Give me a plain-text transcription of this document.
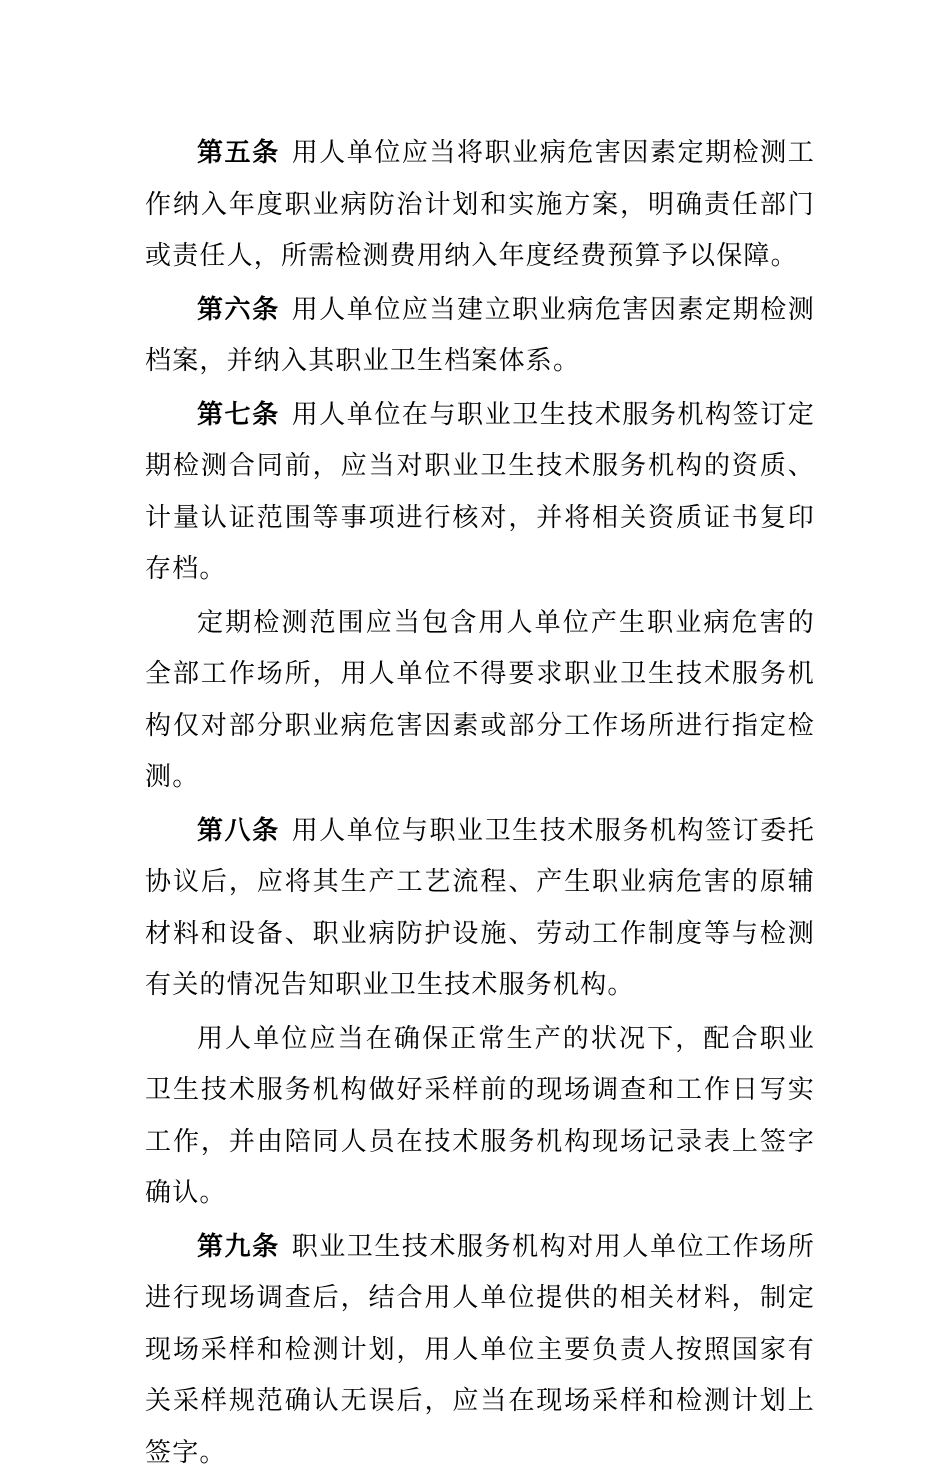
第五条 用人单位应当将职业病危害因素定期检测工作纳入年度职业病防治计划和实施方案，明确责任部门或责任人，所需检测费用纳入年度经费预算予以保障。

第六条 用人单位应当建立职业病危害因素定期检测档案，并纳入其职业卫生档案体系。

第七条 用人单位在与职业卫生技术服务机构签订定期检测合同前，应当对职业卫生技术服务机构的资质、计量认证范围等事项进行核对，并将相关资质证书复印存档。

定期检测范围应当包含用人单位产生职业病危害的全部工作场所，用人单位不得要求职业卫生技术服务机构仅对部分职业病危害因素或部分工作场所进行指定检测。

第八条 用人单位与职业卫生技术服务机构签订委托协议后，应将其生产工艺流程、产生职业病危害的原辅材料和设备、职业病防护设施、劳动工作制度等与检测有关的情况告知职业卫生技术服务机构。

用人单位应当在确保正常生产的状况下，配合职业卫生技术服务机构做好采样前的现场调查和工作日写实工作，并由陪同人员在技术服务机构现场记录表上签字确认。

第九条 职业卫生技术服务机构对用人单位工作场所进行现场调查后，结合用人单位提供的相关材料，制定现场采样和检测计划，用人单位主要负责人按照国家有关采样规范确认无误后，应当在现场采样和检测计划上签字。
